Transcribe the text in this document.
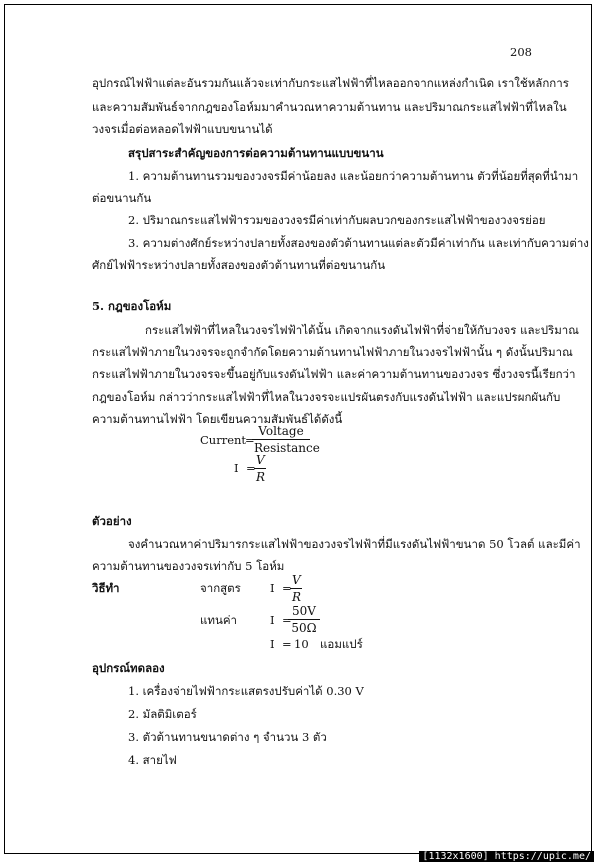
208
อุปกรณ์ไฟฟ้าแต่ละอันรวมกันแล้วจะเท่ากับกระแสไฟฟ้าที่ไหลออกจากแหล่งกำเนิด เราใช้หลักการ
และความสัมพันธ์จากกฎของโอห์มมาคำนวณหาความต้านทาน และปริมาณกระแสไฟฟ้าที่ไหลใน
วงจรเมื่อต่อหลอดไฟฟ้าแบบขนานได้
สรุปสาระสำคัญของการต่อความต้านทานแบบขนาน
1. ความต้านทานรวมของวงจรมีค่าน้อยลง และน้อยกว่าความต้านทาน ตัวที่น้อยที่สุดที่นำมา
ต่อขนานกัน
2. ปริมาณกระแสไฟฟ้ารวมของวงจรมีค่าเท่ากับผลบวกของกระแสไฟฟ้าของวงจรย่อย
3. ความต่างศักย์ระหว่างปลายทั้งสองของตัวต้านทานแต่ละตัวมีค่าเท่ากัน และเท่ากับความต่าง
ศักย์ไฟฟ้าระหว่างปลายทั้งสองของตัวต้านทานที่ต่อขนานกัน
5. กฎของโอห์ม
กระแสไฟฟ้าที่ไหลในวงจรไฟฟ้าได้นั้น เกิดจากแรงดันไฟฟ้าที่จ่ายให้กับวงจร และปริมาณ
กระแสไฟฟ้าภายในวงจรจะถูกจำกัดโดยความต้านทานไฟฟ้าภายในวงจรไฟฟ้านั้น ๆ ดังนั้นปริมาณ
กระแสไฟฟ้าภายในวงจรจะขึ้นอยู่กับแรงดันไฟฟ้า และค่าความต้านทานของวงจร ซึ่งวงจรนี้เรียกว่า
กฎของโอห์ม กล่าวว่ากระแสไฟฟ้าที่ไหลในวงจรจะแปรผันตรงกับแรงดันไฟฟ้า และแปรผกผันกับ
ความต้านทานไฟฟ้า โดยเขียนความสัมพันธ์ได้ดังนี้
Current
=
Voltage
Resistance
I =
V
R
ตัวอย่าง
จงคำนวณหาค่าปริมารกระแสไฟฟ้าของวงจรไฟฟ้าที่มีแรงดันไฟฟ้าขนาด 50 โวลต์ และมีค่า
ความต้านทานของวงจรเท่ากับ 5 โอห์ม
วิธีทำ	จากสูตร	I =
V
R
แทนค่า	I =
50V
50Ω
I = 10 แอมแปร์
อุปกรณ์ทดลอง
1. เครื่องจ่ายไฟฟ้ากระแสตรงปรับค่าได้ 0.30 V
2. มัลติมิเตอร์
3. ตัวต้านทานขนาดต่าง ๆ จำนวน 3 ตัว
4. สายไฟ
[1132x1600] https://upic.me/
